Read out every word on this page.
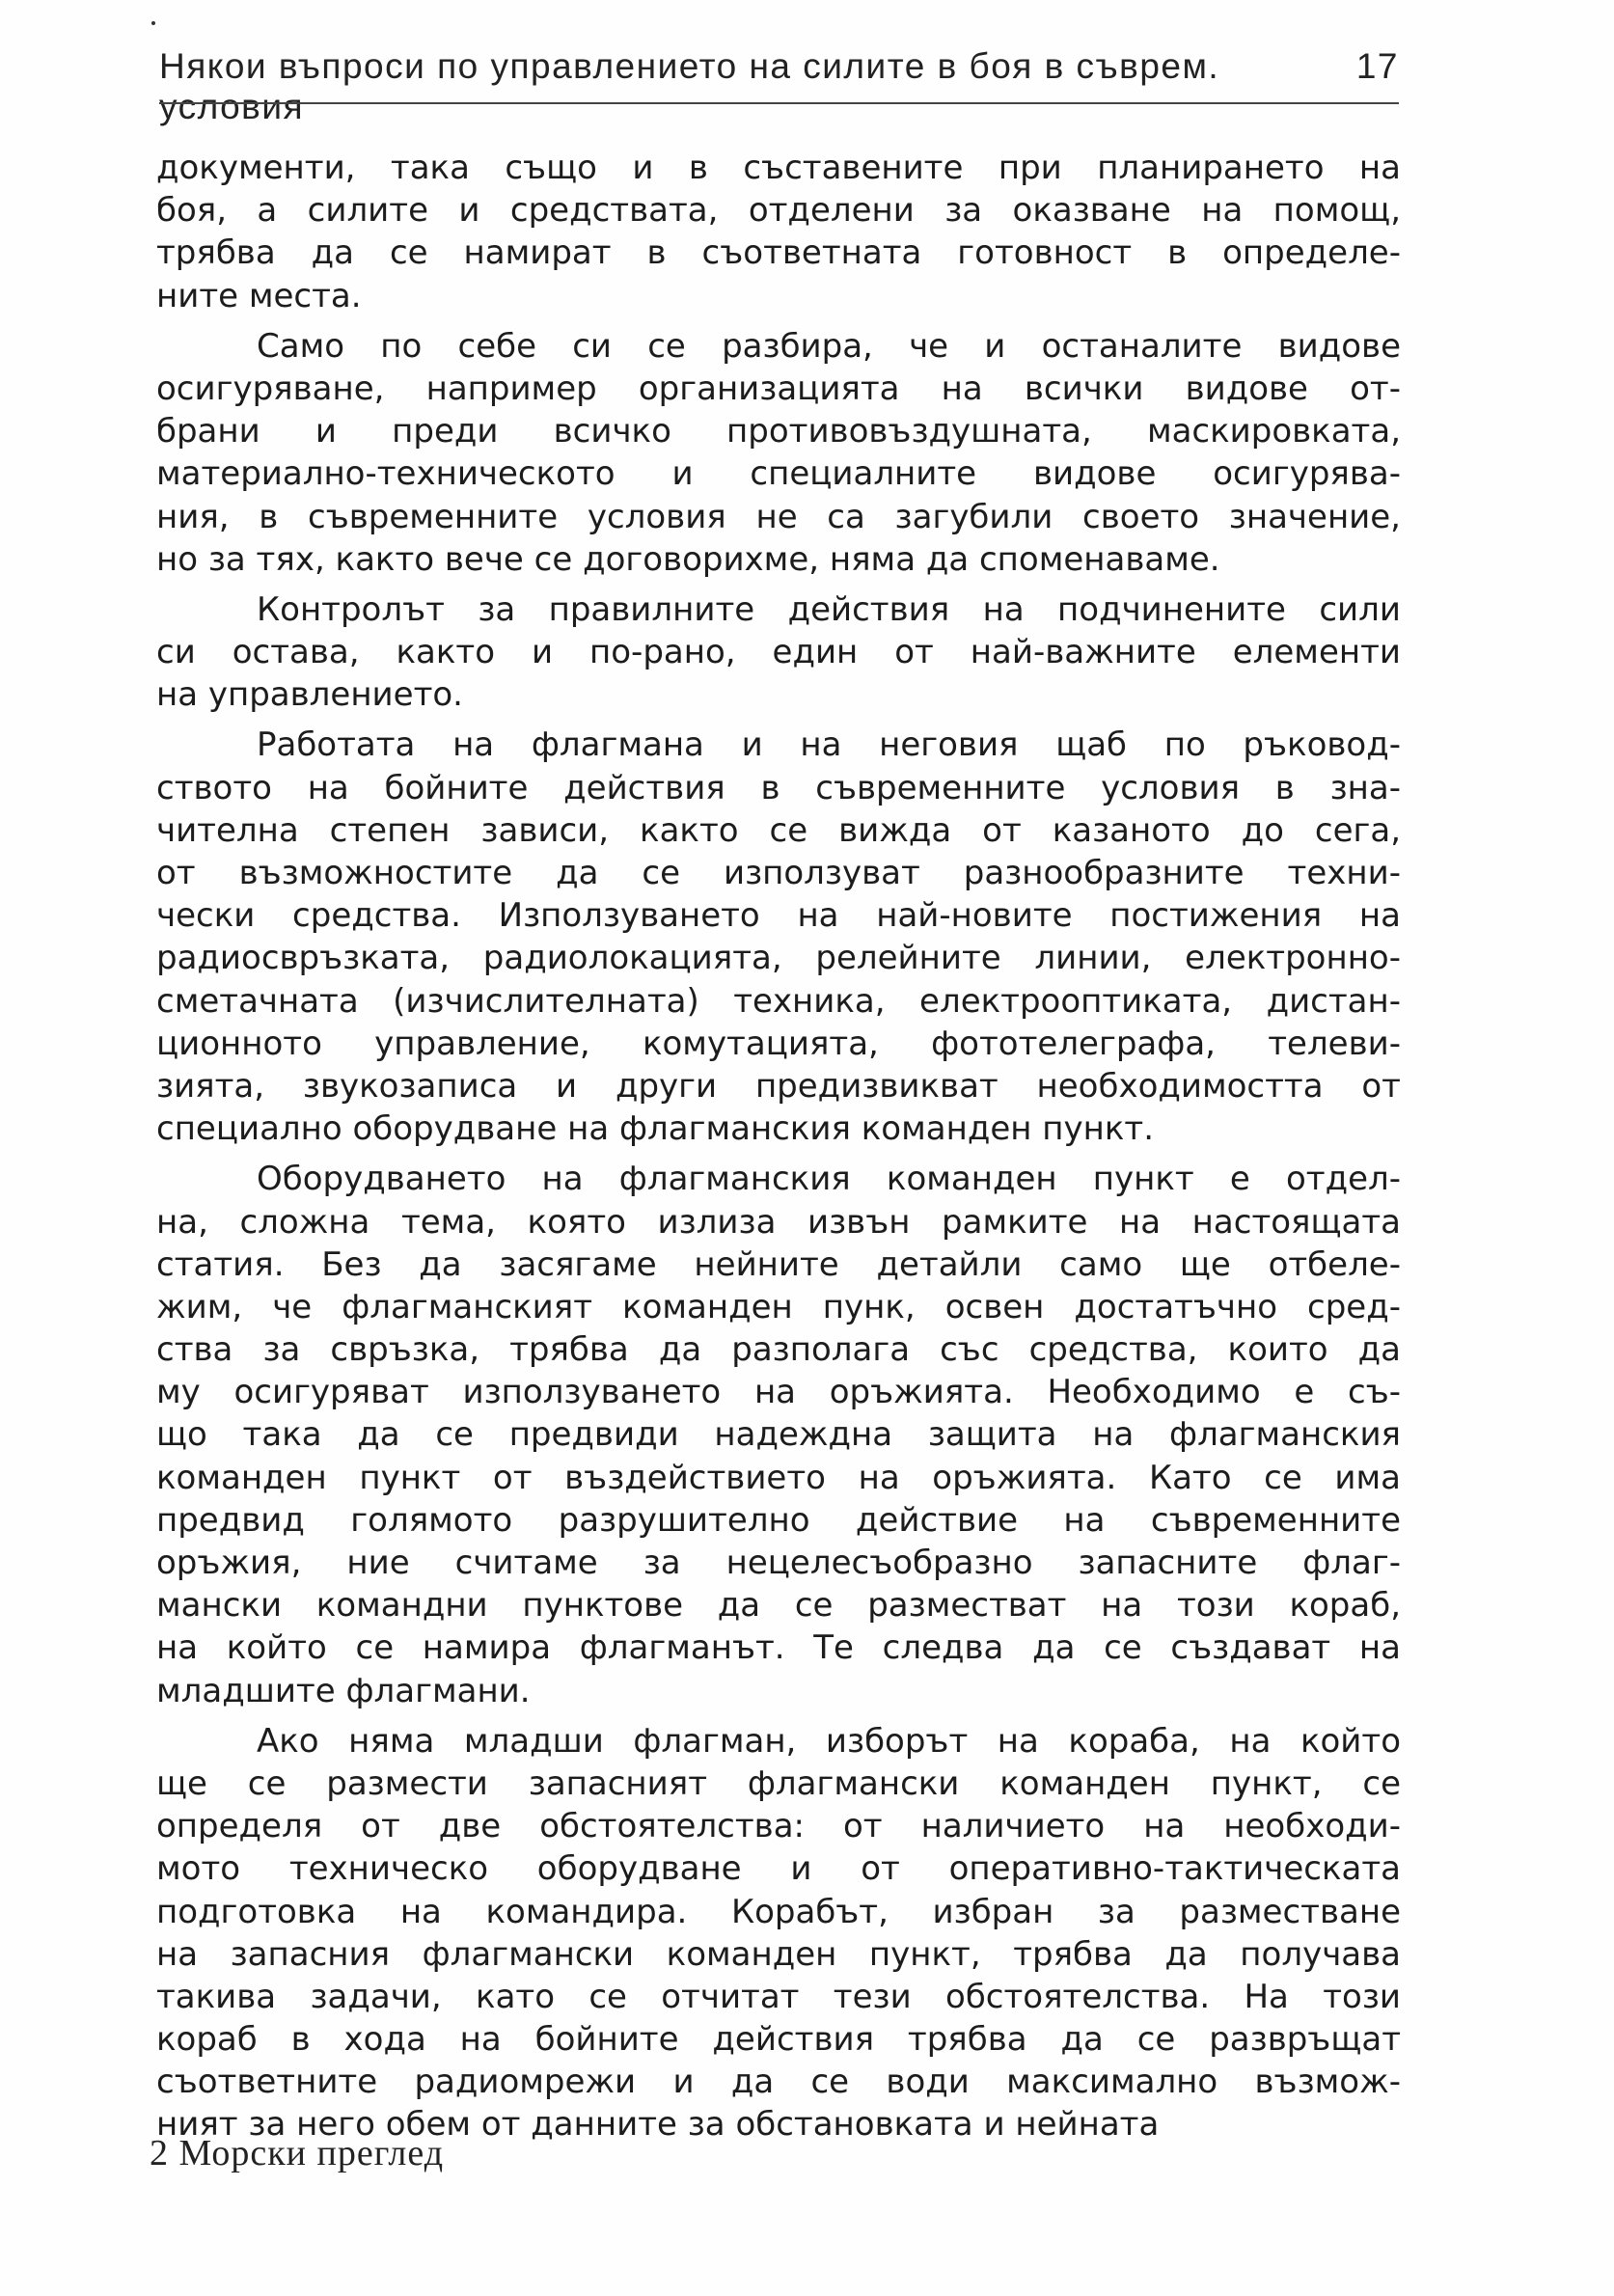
Някои въпроси по управлението на силите в боя в съврем. условия
17
документи, така също и в съставените при планирането на
боя, а силите и средствата, отделени за оказване на помощ,
трябва да се намират в съответната готовност в определе-
ните места.
Само по себе си се разбира, че и останалите видове
осигуряване, например организацията на всички видове от-
брани и преди всичко противовъздушната, маскировката,
материално-техническото и специалните видове осигурява-
ния, в съвременните условия не са загубили своето значение,
но за тях, както вече се договорихме, няма да споменаваме.
Контролът за правилните действия на подчинените сили
си остава, както и по-рано, един от най-важните елементи
на управлението.
Работата на флагмана и на неговия щаб по ръковод-
ството на бойните действия в съвременните условия в зна-
чителна степен зависи, както се вижда от казаното до сега,
от възможностите да се използуват разнообразните техни-
чески средства. Използуването на най-новите постижения на
радиосвръзката, радиолокацията, релейните линии, електронно-
сметачната (изчислителната) техника, електрооптиката, дистан-
ционното управление, комутацията, фототелеграфа, телеви-
зията, звукозаписа и други предизвикват необходимостта от
специално оборудване на флагманския команден пункт.
Оборудването на флагманския команден пункт е отдел-
на, сложна тема, която излиза извън рамките на настоящата
статия. Без да засягаме нейните детайли само ще отбеле-
жим, че флагманският команден пунк, освен достатъчно сред-
ства за свръзка, трябва да разполага със средства, които да
му осигуряват използуването на оръжията. Необходимо е съ-
що така да се предвиди надеждна защита на флагманския
команден пункт от въздействието на оръжията. Като се има
предвид голямото разрушително действие на съвременните
оръжия, ние считаме за нецелесъобразно запасните флаг-
мански командни пунктове да се разместват на този кораб,
на който се намира флагманът. Те следва да се създават на
младшите флагмани.
Ако няма младши флагман, изборът на кораба, на който
ще се размести запасният флагмански команден пункт, се
определя от две обстоятелства: от наличието на необходи-
мото техническо оборудване и от оперативно-тактическата
подготовка на командира. Корабът, избран за разместване
на запасния флагмански команден пункт, трябва да получава
такива задачи, като се отчитат тези обстоятелства. На този
кораб в хода на бойните действия трябва да се развръщат
съответните радиомрежи и да се води максимално възмож-
ният за него обем от данните за обстановката и нейната
2 Морски преглед
